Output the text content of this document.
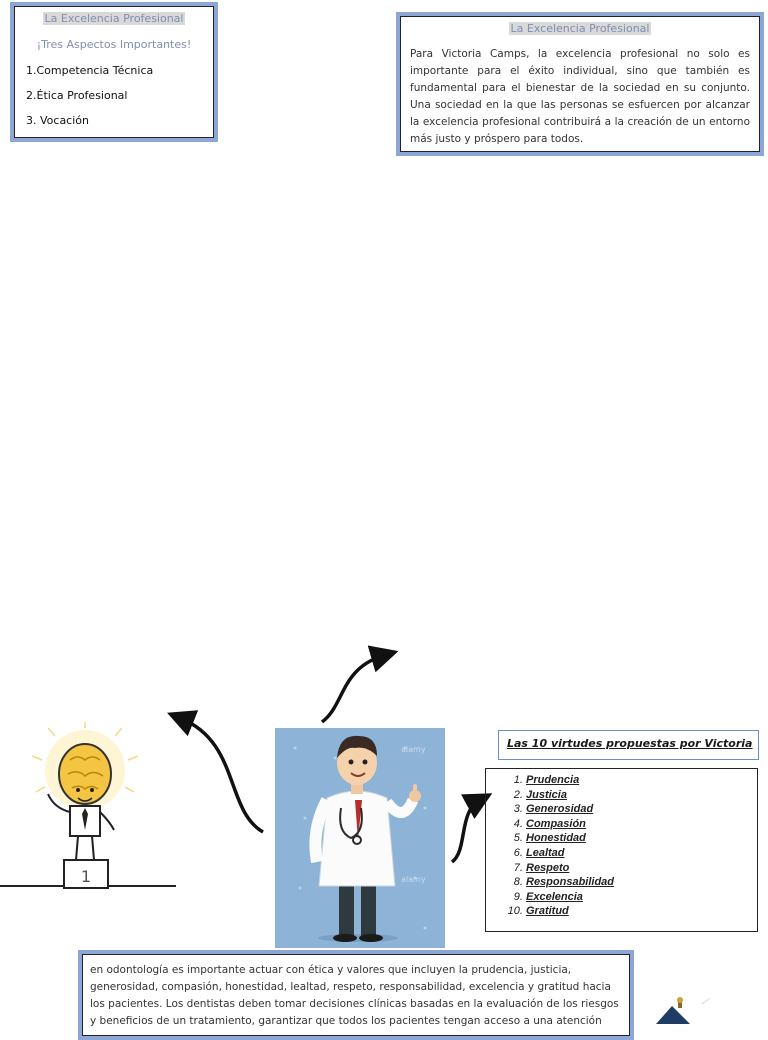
La Excelencia Profesional
¡Tres Aspectos Importantes!
1.Competencia Técnica
2.Ética Profesional
3. Vocación
La Excelencia Profesional
Para Victoria Camps, la excelencia profesional no solo es importante para el éxito individual, sino que también es fundamental para el bienestar de la sociedad en su conjunto. Una sociedad en la que las personas se esfuercen por alcanzar la excelencia profesional contribuirá a la creación de un entorno más justo y próspero para todos.
1
alamy
alamy
Las 10 virtudes propuestas por Victoria
1. Prudencia
2. Justicia
3. Generosidad
4. Compasión
5. Honestidad
6. Lealtad
7. Respeto
8. Responsabilidad
9. Excelencia
10. Gratitud
en odontología es importante actuar con ética y valores que incluyen la prudencia, justicia, generosidad, compasión, honestidad, lealtad, respeto, responsabilidad, excelencia y gratitud hacia los pacientes. Los dentistas deben tomar decisiones clínicas basadas en la evaluación de los riesgos y beneficios de un tratamiento, garantizar que todos los pacientes tengan acceso a una atención
